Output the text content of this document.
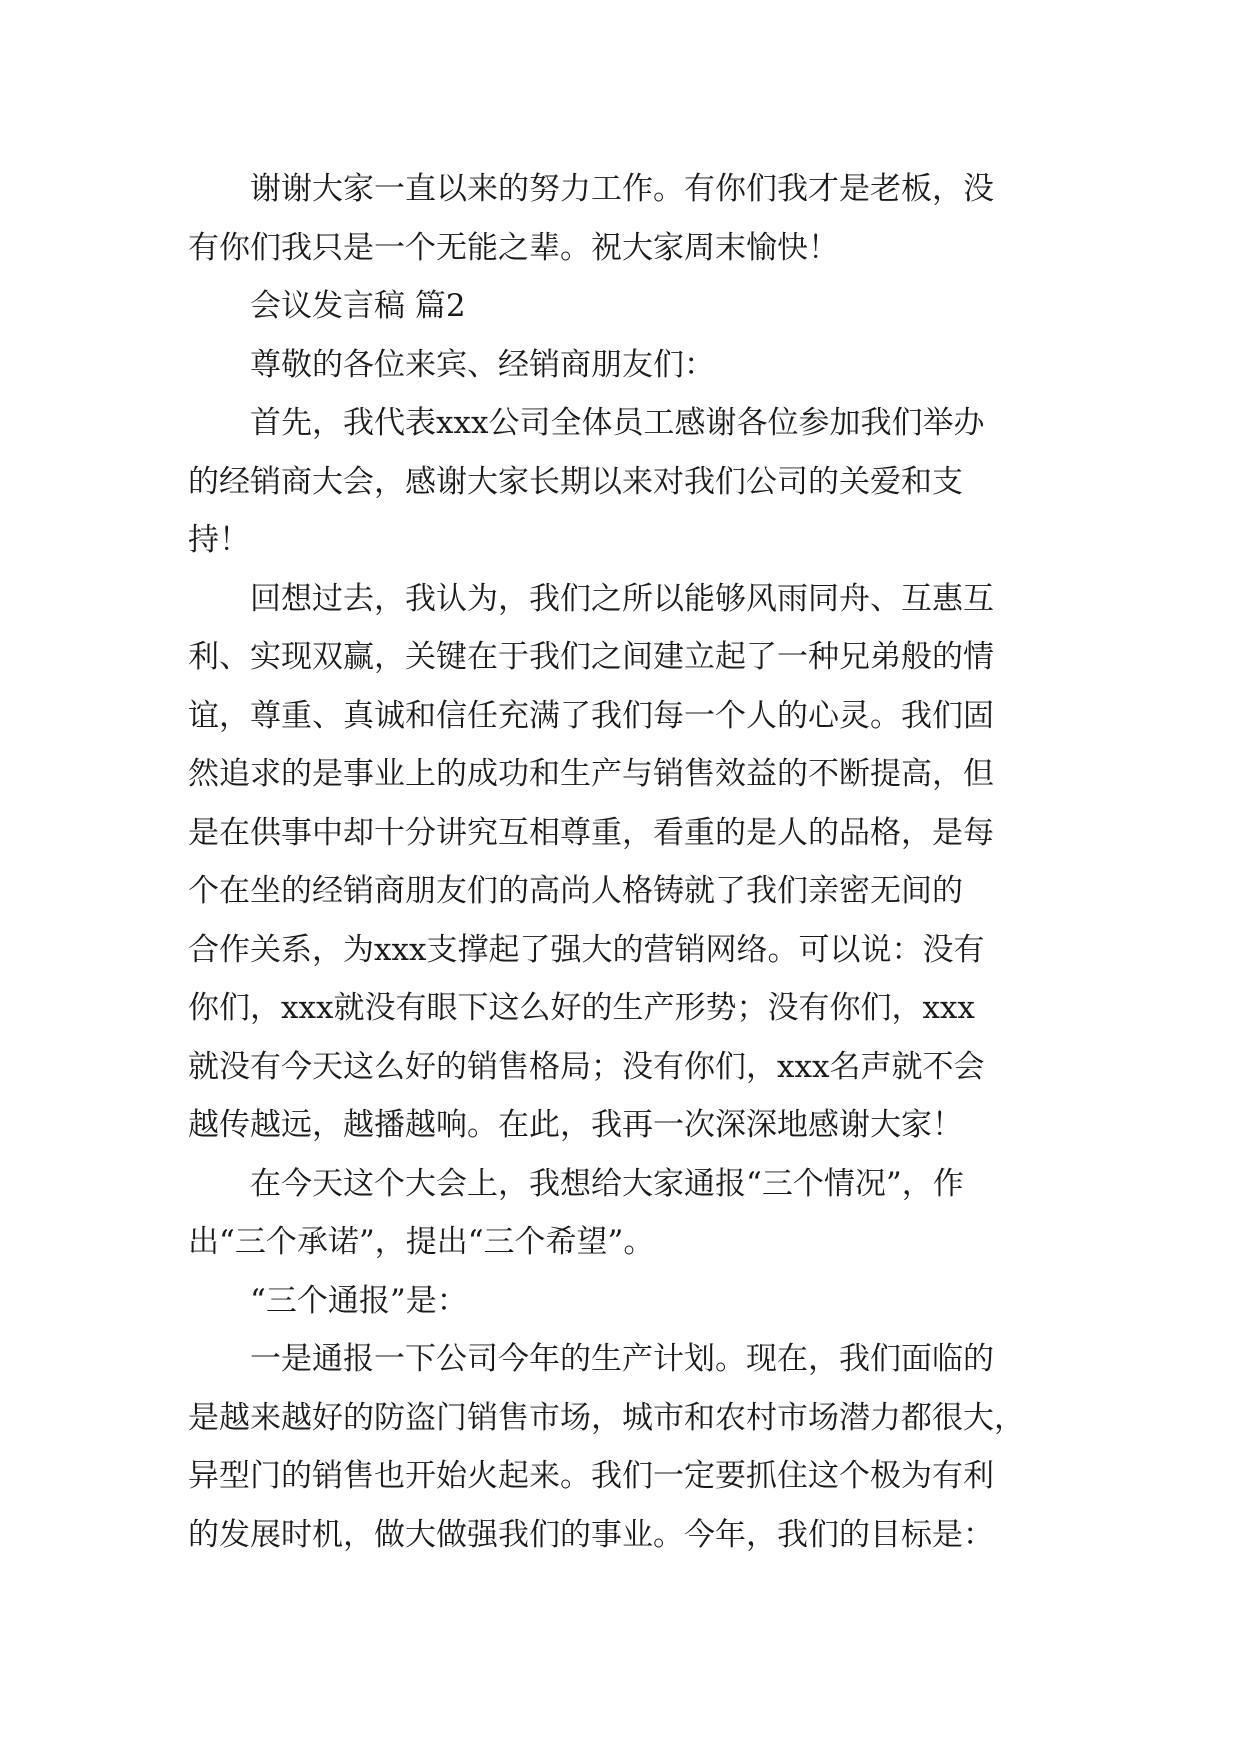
谢谢大家一直以来的努力工作。有你们我才是老板，没
有你们我只是一个无能之辈。祝大家周末愉快！

会议发言稿 篇2

尊敬的各位来宾、经销商朋友们：

首先，我代表xxx公司全体员工感谢各位参加我们举办
的经销商大会，感谢大家长期以来对我们公司的关爱和支
持！

回想过去，我认为，我们之所以能够风雨同舟、互惠互
利、实现双赢，关键在于我们之间建立起了一种兄弟般的情
谊，尊重、真诚和信任充满了我们每一个人的心灵。我们固
然追求的是事业上的成功和生产与销售效益的不断提高，但
是在供事中却十分讲究互相尊重，看重的是人的品格，是每
个在坐的经销商朋友们的高尚人格铸就了我们亲密无间的
合作关系，为xxx支撑起了强大的营销网络。可以说：没有
你们，xxx就没有眼下这么好的生产形势；没有你们，xxx
就没有今天这么好的销售格局；没有你们，xxx名声就不会
越传越远，越播越响。在此，我再一次深深地感谢大家！

在今天这个大会上，我想给大家通报“三个情况”，作
出“三个承诺”，提出“三个希望”。

“三个通报”是：

一是通报一下公司今年的生产计划。现在，我们面临的
是越来越好的防盗门销售市场，城市和农村市场潜力都很大，
异型门的销售也开始火起来。我们一定要抓住这个极为有利
的发展时机，做大做强我们的事业。今年，我们的目标是：
